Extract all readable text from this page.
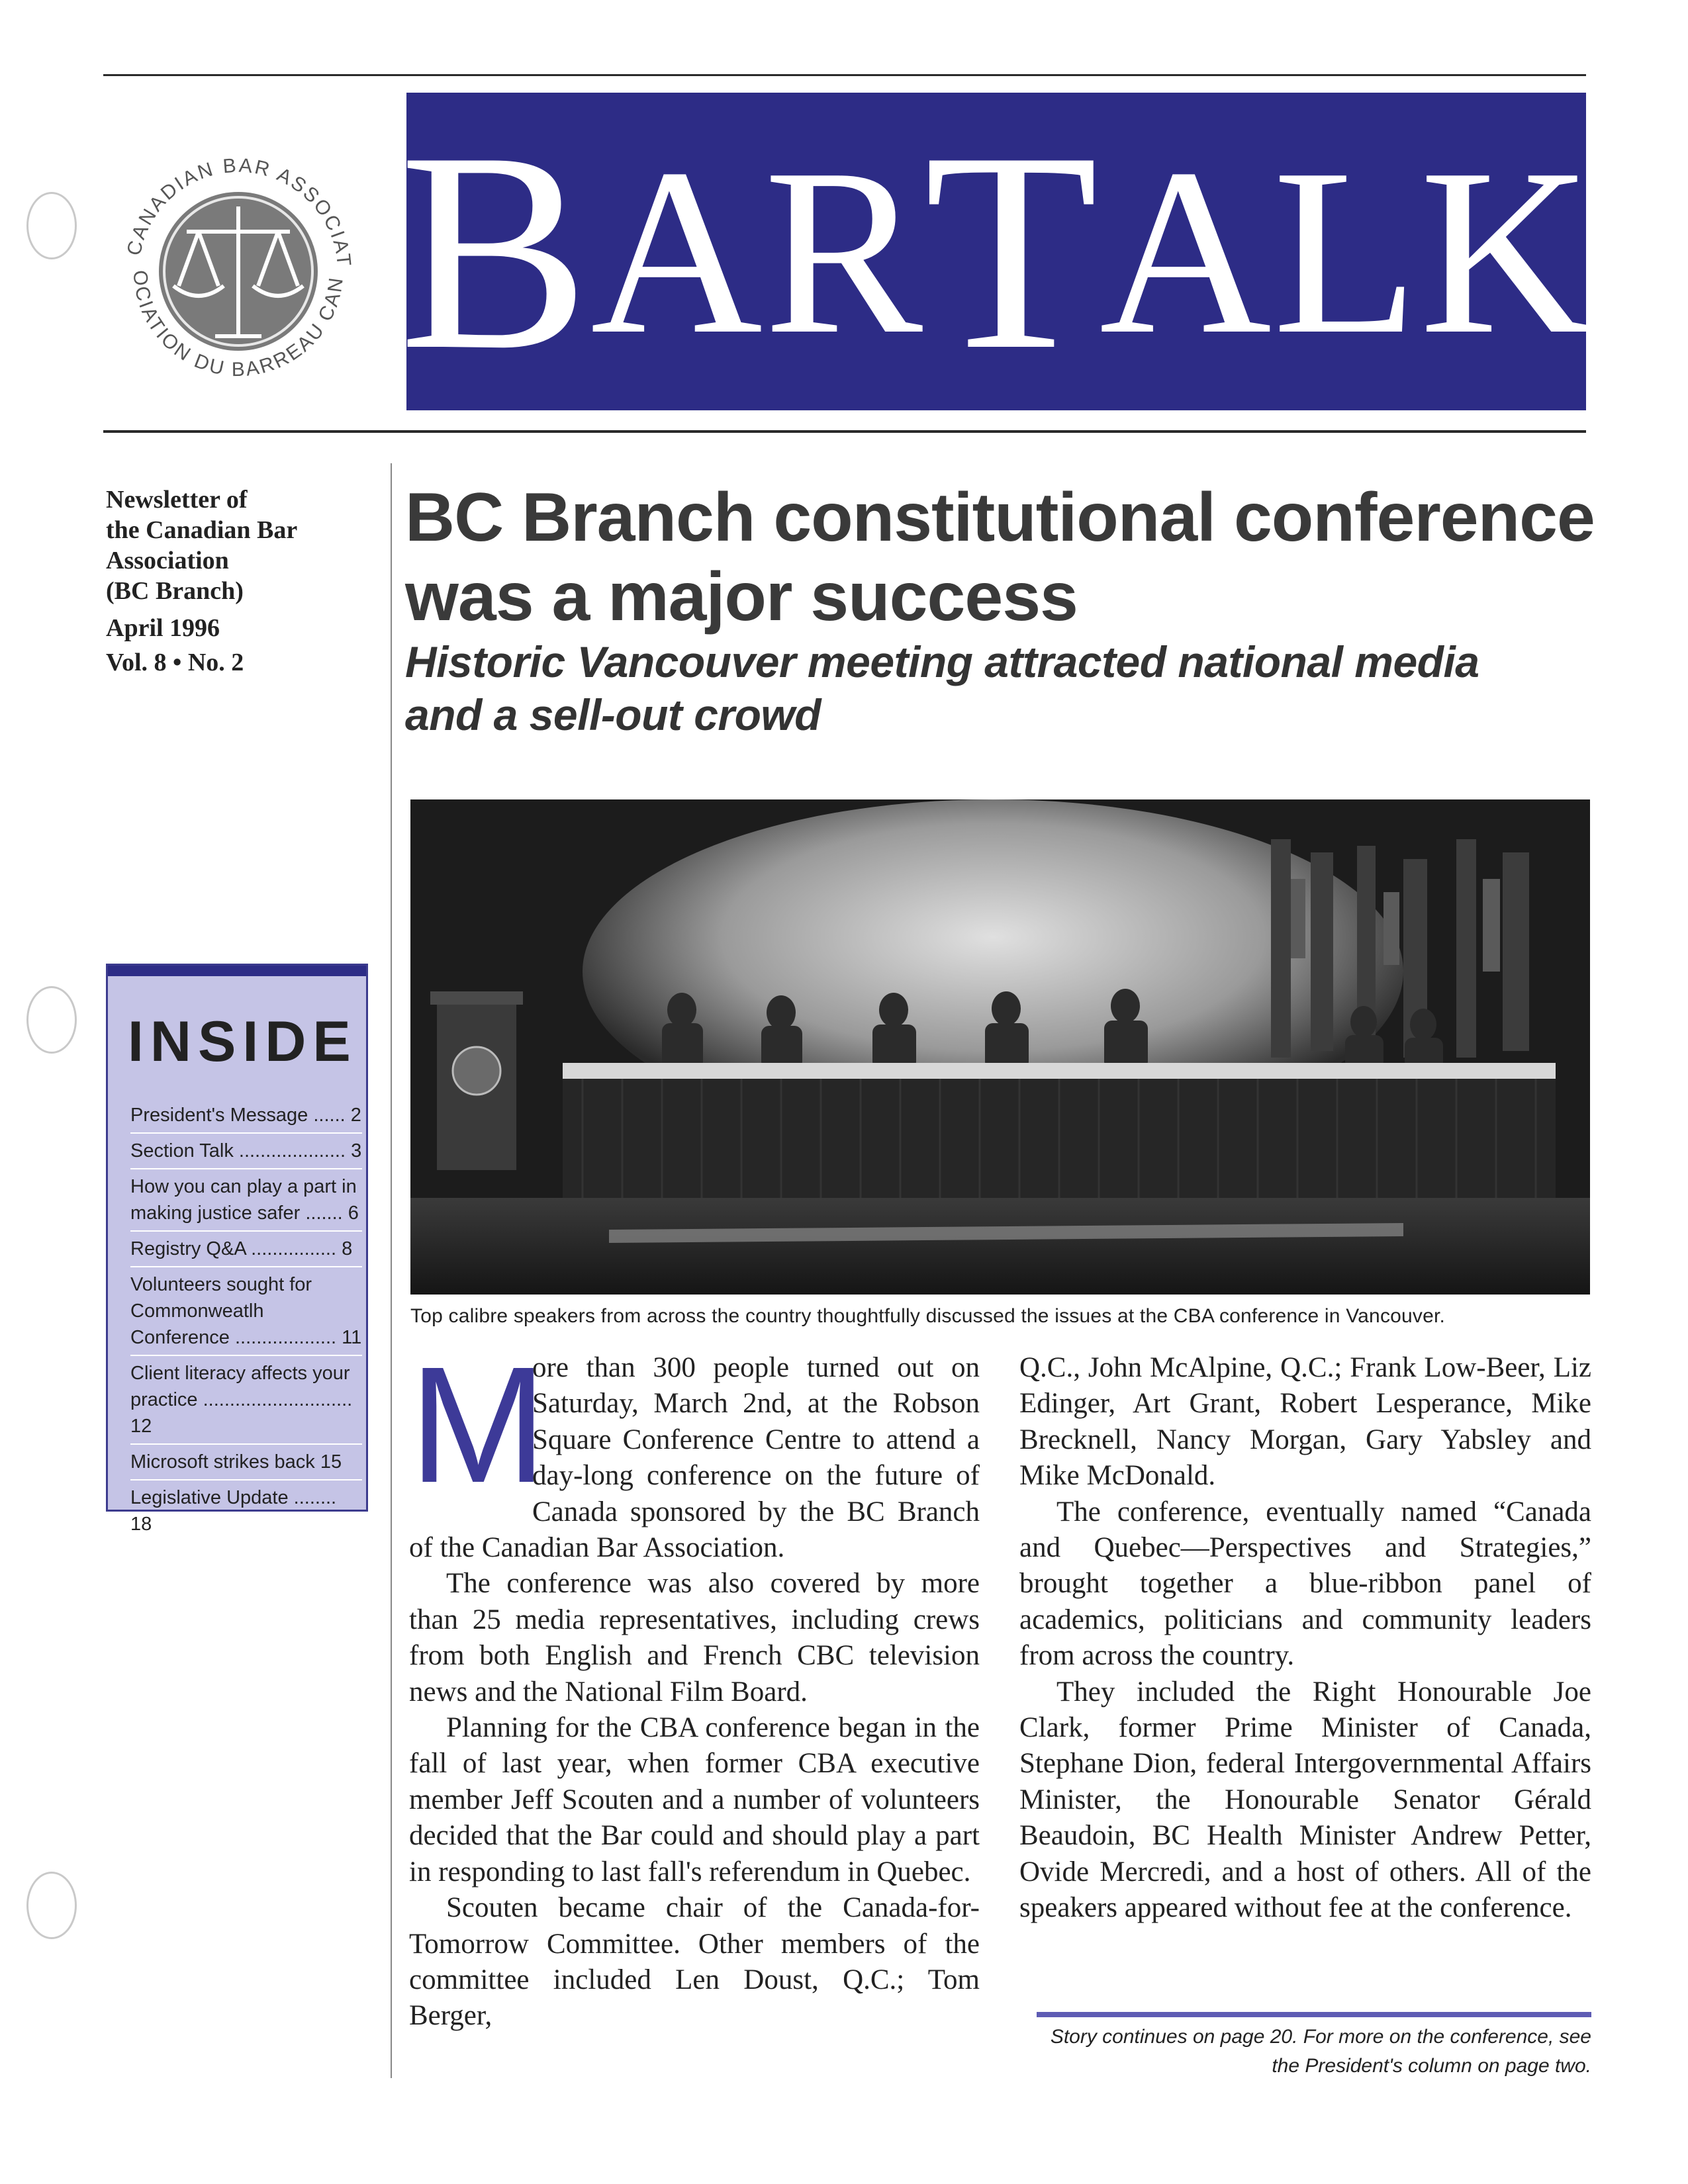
CANADIAN BAR ASSOCIAT
OCIATION DU BARREAU CAN B AR T ALK
Newsletter of
the Canadian Bar
Association
(BC Branch)
April 1996
Vol. 8 • No. 2
BC Branch constitutional conference
was a major success
Historic Vancouver meeting attracted national media
and a sell-out crowd
Top calibre speakers from across the country thoughtfully discussed the issues at the CBA conference in Vancouver.
INSIDE
President's Message ...... 2
Section Talk .................... 3
How you can play a part in
making justice safer ....... 6
Registry Q&A ................ 8
Volunteers sought for
Commonweatlh
Conference ................... 11
Client literacy affects your
practice ............................ 12
Microsoft strikes back 15
Legislative Update ........ 18
M

ore than 300 people turned out on Saturday, March 2nd, at the Robson Square Conference Centre to attend a day-long conference on the future of Canada sponsored by the BC Branch of the Canadian Bar Association.

The conference was also covered by more than 25 media representatives, including crews from both English and French CBC television news and the National Film Board.

Planning for the CBA conference began in the fall of last year, when former CBA executive member Jeff Scouten and a number of volunteers decided that the Bar could and should play a part in responding to last fall's referendum in Quebec.

Scouten became chair of the Canada-for-Tomorrow Committee. Other members of the committee included Len Doust, Q.C.; Tom Berger,

Q.C., John McAlpine, Q.C.; Frank Low-Beer, Liz Edinger, Art Grant, Robert Lesperance, Mike Brecknell, Nancy Morgan, Gary Yabsley and Mike McDonald.

The conference, eventually named “Canada and Quebec—Perspectives and Strategies,” brought together a blue-ribbon panel of academics, politicians and community leaders from across the country.

They included the Right Honourable Joe Clark, former Prime Minister of Canada, Stephane Dion, federal Intergovernmental Affairs Minister, the Honourable Senator Gérald Beaudoin, BC Health Minister Andrew Petter, Ovide Mercredi, and a host of others. All of the speakers appeared without fee at the conference.

Story continues on page 20. For more on the conference, see
the President's column on page two.
